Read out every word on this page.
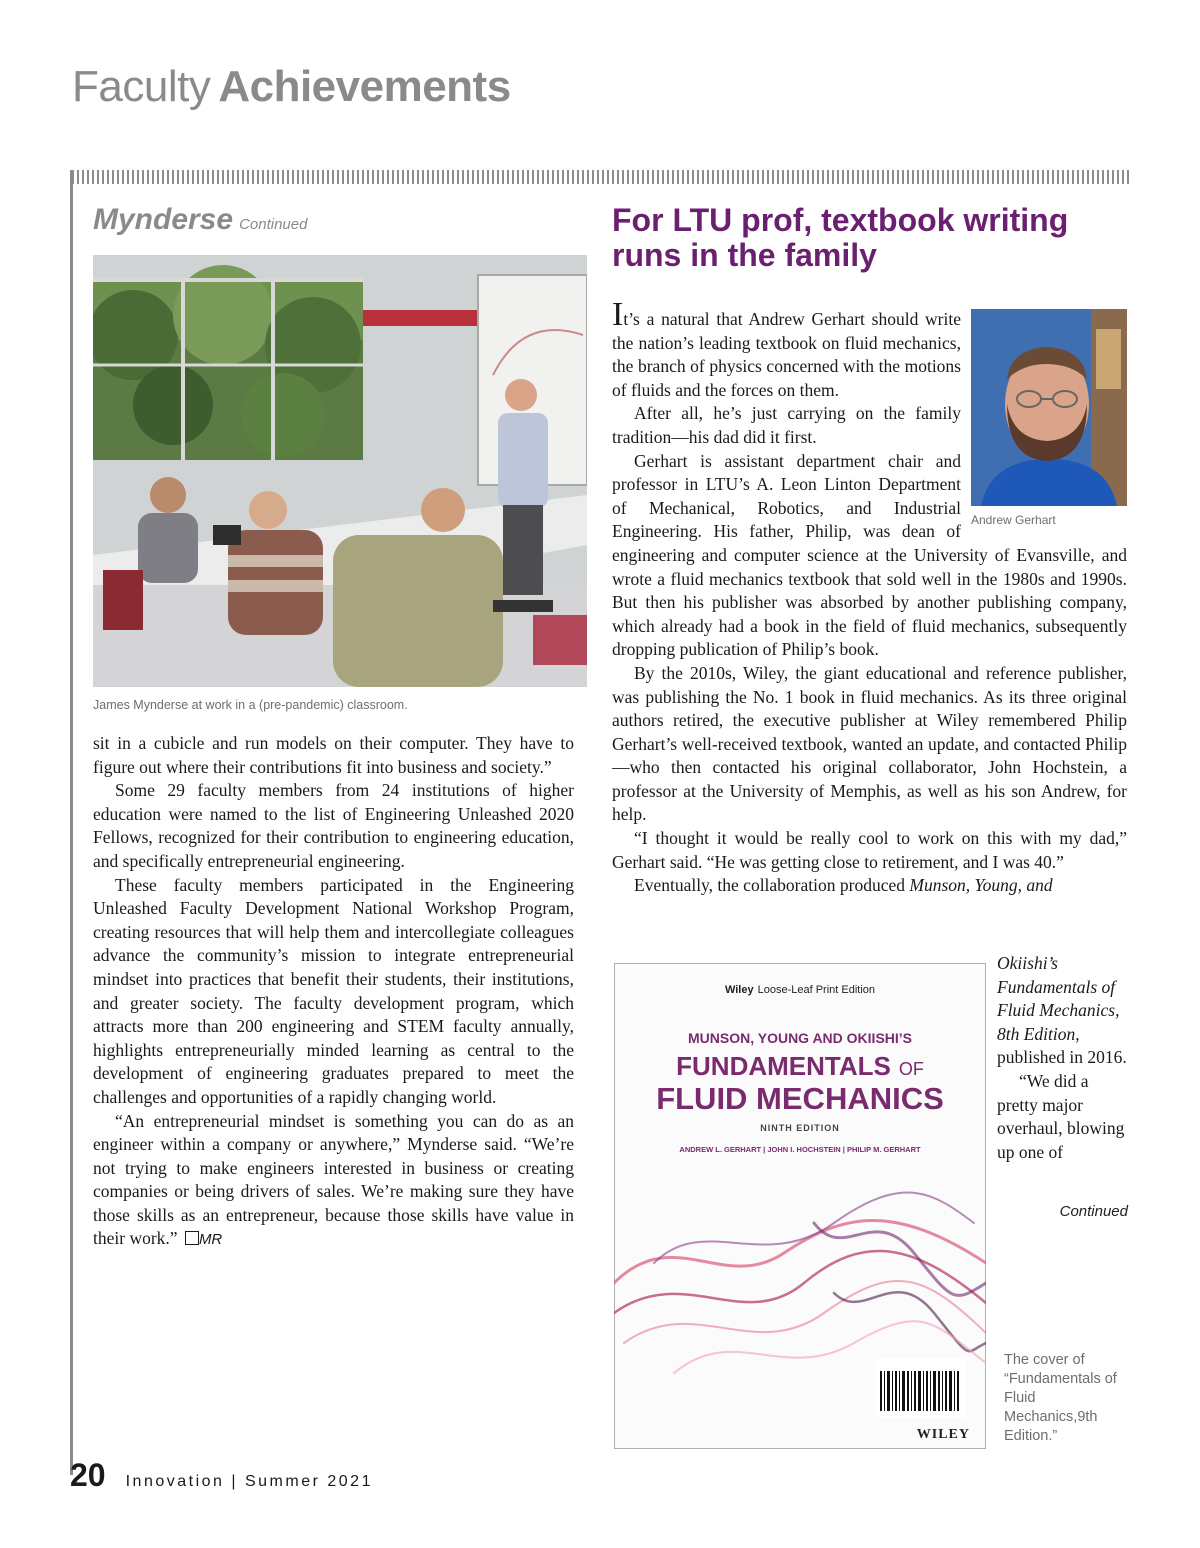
Faculty Achievements
Mynderse Continued
James Mynderse at work in a (pre-pandemic) classroom.

sit in a cubicle and run models on their computer. They have to figure out where their contributions fit into business and society.”

Some 29 faculty members from 24 institutions of higher education were named to the list of Engineering Unleashed 2020 Fellows, recognized for their contribution to engineering education, and specifically entrepreneurial engineering.

These faculty members participated in the Engineering Unleashed Faculty Development National Workshop Program, creating resources that will help them and intercollegiate colleagues advance the community’s mission to integrate entrepreneurial mindset into practices that benefit their students, their institutions, and greater society. The faculty development program, which attracts more than 200 engineering and STEM faculty annually, highlights entrepreneurially minded learning as central to the development of engineering graduates prepared to meet the challenges and opportunities of a rapidly changing world.

“An entrepreneurial mindset is something you can do as an engineer within a company or anywhere,” Mynderse said. “We’re not trying to make engineers interested in business or creating companies or being drivers of sales. We’re making sure they have those skills as an entrepreneur, because those skills have value in their work.” MR

For LTU prof, textbook writing runs in the family
Andrew Gerhart

It’s a natural that Andrew Gerhart should write the nation’s leading textbook on fluid mechanics, the branch of physics concerned with the motions of fluids and the forces on them.

After all, he’s just carrying on the family tradition—his dad did it first.

Gerhart is assistant department chair and professor in LTU’s A. Leon Linton Department of Mechanical, Robotics, and Industrial Engineering. His father, Philip, was dean of engineering and computer science at the University of Evansville, and wrote a fluid mechanics textbook that sold well in the 1980s and 1990s. But then his publisher was absorbed by another publishing company, which already had a book in the field of fluid mechanics, subsequently dropping publication of Philip’s book.

By the 2010s, Wiley, the giant educational and reference publisher, was publishing the No. 1 book in fluid mechanics. As its three original authors retired, the executive publisher at Wiley remembered Philip Gerhart’s well-received textbook, wanted an update, and contacted Philip—who then contacted his original collaborator, John Hochstein, a professor at the University of Memphis, as well as his son Andrew, for help.

“I thought it would be really cool to work on this with my dad,” Gerhart said. “He was getting close to retirement, and I was 40.”

Eventually, the collaboration produced Munson, Young, and

Okiishi’s Fundamentals of Fluid Mechanics, 8th Edition, published in 2016.

“We did a pretty major overhaul, blowing up one of

Continued
Wiley Loose-Leaf Print Edition
MUNSON, YOUNG AND OKIISHI’S
FUNDAMENTALS OF
FLUID MECHANICS
NINTH EDITION
ANDREW L. GERHART | JOHN I. HOCHSTEIN | PHILIP M. GERHART
WILEY
The cover of “Fundamentals of Fluid Mechanics,9th Edition.”
20 Innovation | Summer 2021
